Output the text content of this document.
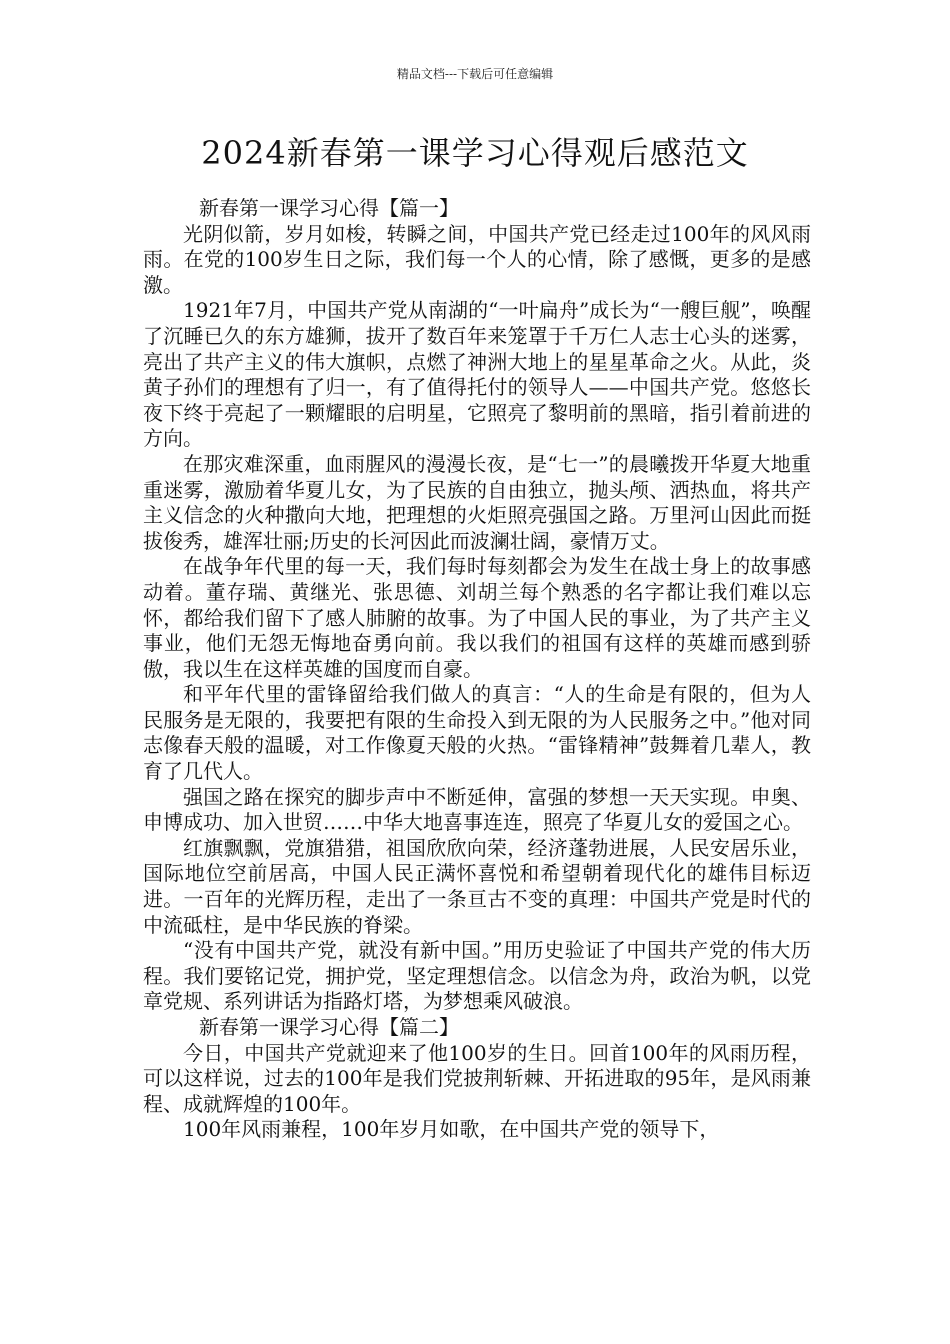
精品文档---下载后可任意编辑
2024新春第一课学习心得观后感范文

新春第一课学习心得【篇一】

光阴似箭，岁月如梭，转瞬之间，中国共产党已经走过100年的风风雨雨。在党的100岁生日之际，我们每一个人的心情，除了感慨，更多的是感激。

1921年7月，中国共产党从南湖的“一叶扁舟”成长为“一艘巨舰”，唤醒了沉睡已久的东方雄狮，拔开了数百年来笼罩于千万仁人志士心头的迷雾，亮出了共产主义的伟大旗帜，点燃了神洲大地上的星星革命之火。从此，炎黄子孙们的理想有了归一，有了值得托付的领导人——中国共产党。悠悠长夜下终于亮起了一颗耀眼的启明星，它照亮了黎明前的黑暗，指引着前进的方向。

在那灾难深重，血雨腥风的漫漫长夜，是“七一”的晨曦拨开华夏大地重重迷雾，激励着华夏儿女，为了民族的自由独立，抛头颅、洒热血，将共产主义信念的火种撒向大地，把理想的火炬照亮强国之路。万里河山因此而挺拔俊秀，雄浑壮丽;历史的长河因此而波澜壮阔，豪情万丈。

在战争年代里的每一天，我们每时每刻都会为发生在战士身上的故事感动着。董存瑞、黄继光、张思德、刘胡兰每个熟悉的名字都让我们难以忘怀，都给我们留下了感人肺腑的故事。为了中国人民的事业，为了共产主义事业，他们无怨无悔地奋勇向前。我以我们的祖国有这样的英雄而感到骄傲，我以生在这样英雄的国度而自豪。

和平年代里的雷锋留给我们做人的真言：“人的生命是有限的，但为人民服务是无限的，我要把有限的生命投入到无限的为人民服务之中。”他对同志像春天般的温暖，对工作像夏天般的火热。“雷锋精神”鼓舞着几辈人，教育了几代人。

强国之路在探究的脚步声中不断延伸，富强的梦想一天天实现。申奥、申博成功、加入世贸……中华大地喜事连连，照亮了华夏儿女的爱国之心。

红旗飘飘，党旗猎猎，祖国欣欣向荣，经济蓬勃进展，人民安居乐业，国际地位空前居高，中国人民正满怀喜悦和希望朝着现代化的雄伟目标迈进。一百年的光辉历程，走出了一条亘古不变的真理：中国共产党是时代的中流砥柱，是中华民族的脊梁。

“没有中国共产党，就没有新中国。”用历史验证了中国共产党的伟大历程。我们要铭记党，拥护党，坚定理想信念。以信念为舟，政治为帆，以党章党规、系列讲话为指路灯塔，为梦想乘风破浪。

新春第一课学习心得【篇二】

今日，中国共产党就迎来了他100岁的生日。回首100年的风雨历程，可以这样说，过去的100年是我们党披荆斩棘、开拓进取的95年，是风雨兼程、成就辉煌的100年。

100年风雨兼程，100年岁月如歌，在中国共产党的领导下，
